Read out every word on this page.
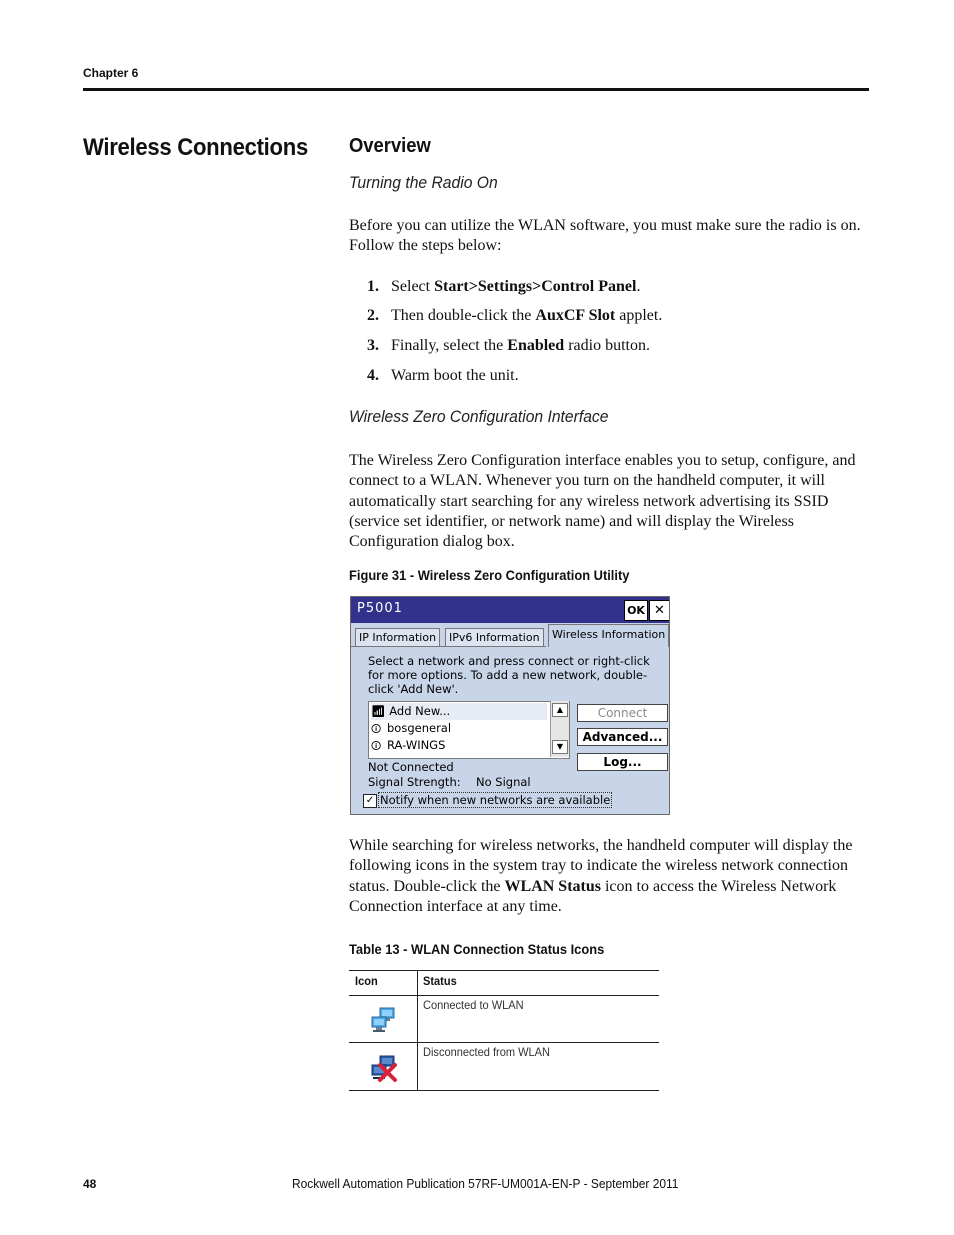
Chapter 6
Wireless Connections Overview
Turning the Radio On
Before you can utilize the WLAN software, you must make sure the radio is on. Follow the steps below:
1. Select Start>Settings>Control Panel.
2. Then double-click the AuxCF Slot applet.
3. Finally, select the Enabled radio button.
4. Warm boot the unit.
Wireless Zero Configuration Interface
The Wireless Zero Configuration interface enables you to setup, configure, and connect to a WLAN. Whenever you turn on the handheld computer, it will automatically start searching for any wireless network advertising its SSID (service set identifier, or network name) and will display the Wireless Configuration dialog box.
Figure 31 - Wireless Zero Configuration Utility
P5001	OK ✕
IP Information	IPv6 Information	Wireless Information
Select a network and press connect or right-click for more options. To add a new network, double-click 'Add New'.
📶︎ Add New...
🛈︎ bosgeneral
🛈︎ RA-WINGS
▲
▼
Connect
Advanced...
Log...
Not Connected
Signal Strength: No Signal
✓ Notify when new networks are available
While searching for wireless networks, the handheld computer will display the following icons in the system tray to indicate the wireless network connection status. Double-click the WLAN Status icon to access the Wireless Network Connection interface at any time.
Table 13 - WLAN Connection Status Icons
Icon	Status
Connected to WLAN
Disconnected from WLAN
48	Rockwell Automation Publication 57RF-UM001A-EN-P - September 2011
